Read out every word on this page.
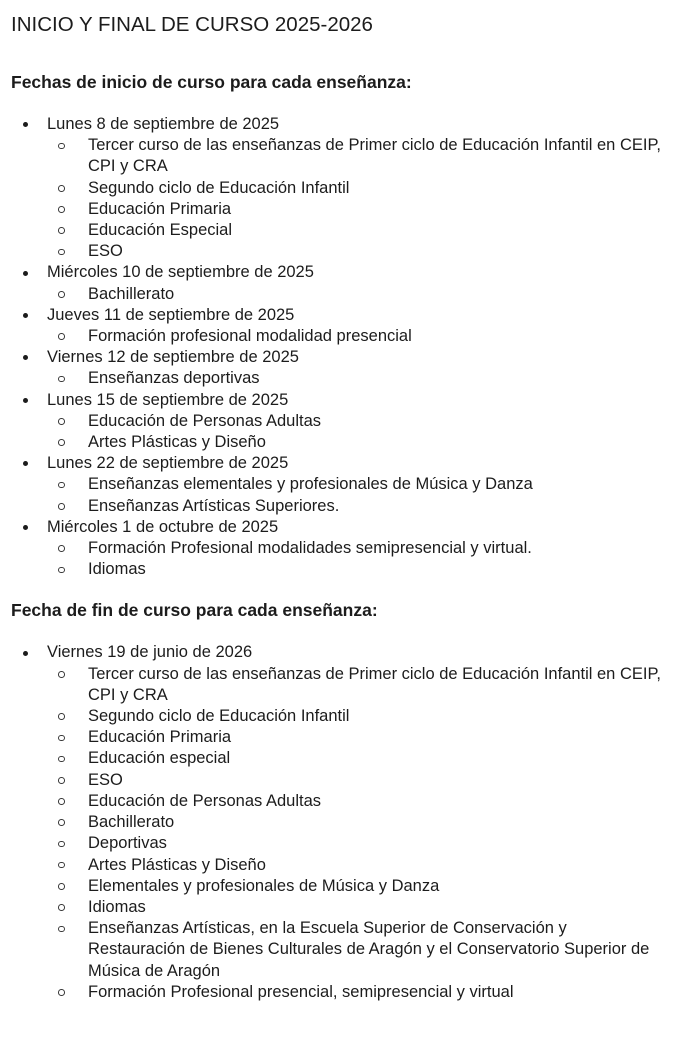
INICIO Y FINAL DE CURSO 2025-2026
Fechas de inicio de curso para cada enseñanza:
Lunes 8 de septiembre de 2025
Tercer curso de las enseñanzas de Primer ciclo de Educación Infantil en CEIP, CPI y CRA
Segundo ciclo de Educación Infantil
Educación Primaria
Educación Especial
ESO
Miércoles 10 de septiembre de 2025
Bachillerato
Jueves 11 de septiembre de 2025
Formación profesional modalidad presencial
Viernes 12 de septiembre de 2025
Enseñanzas deportivas
Lunes 15 de septiembre de 2025
Educación de Personas Adultas
Artes Plásticas y Diseño
Lunes 22 de septiembre de 2025
Enseñanzas elementales y profesionales de Música y Danza
Enseñanzas Artísticas Superiores.
Miércoles 1 de octubre de 2025
Formación Profesional modalidades semipresencial y virtual.
Idiomas
Fecha de fin de curso para cada enseñanza:
Viernes 19 de junio de 2026
Tercer curso de las enseñanzas de Primer ciclo de Educación Infantil en CEIP, CPI y CRA
Segundo ciclo de Educación Infantil
Educación Primaria
Educación especial
ESO
Educación de Personas Adultas
Bachillerato
Deportivas
Artes Plásticas y Diseño
Elementales y profesionales de Música y Danza
Idiomas
Enseñanzas Artísticas, en la Escuela Superior de Conservación y Restauración de Bienes Culturales de Aragón y el Conservatorio Superior de Música de Aragón
Formación Profesional presencial, semipresencial y virtual
